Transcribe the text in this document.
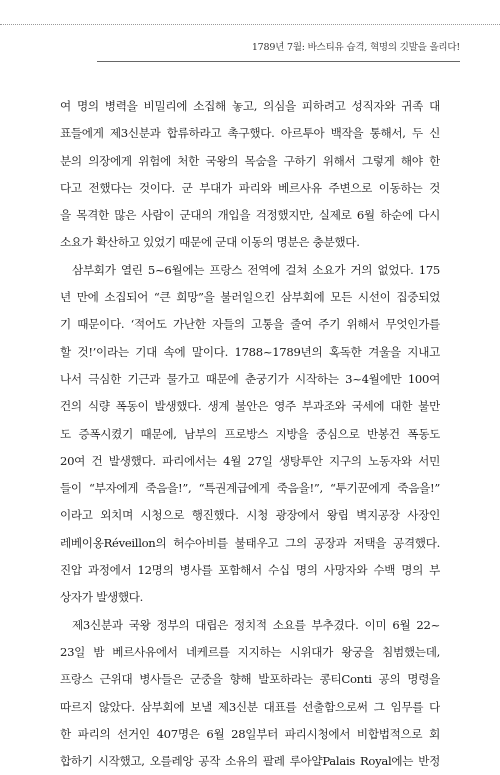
1789년 7월: 바스티유 습격, 혁명의 깃발을 올리다!
여 명의 병력을 비밀리에 소집해 놓고, 의심을 피하려고 성직자와 귀족 대
표들에게 제3신분과 합류하라고 촉구했다. 아르투아 백작을 통해서, 두 신
분의 의장에게 위험에 처한 국왕의 목숨을 구하기 위해서 그렇게 해야 한
다고 전했다는 것이다. 군 부대가 파리와 베르사유 주변으로 이동하는 것
을 목격한 많은 사람이 군대의 개입을 걱정했지만, 실제로 6월 하순에 다시
소요가 확산하고 있었기 때문에 군대 이동의 명분은 충분했다.
삼부회가 열린 5~6월에는 프랑스 전역에 걸쳐 소요가 거의 없었다. 175
년 만에 소집되어 “큰 희망”을 불러일으킨 삼부회에 모든 시선이 집중되었
기 때문이다. ‘적어도 가난한 자들의 고통을 줄여 주기 위해서 무엇인가를
할 것!’이라는 기대 속에 말이다. 1788~1789년의 혹독한 겨울을 지내고
나서 극심한 기근과 물가고 때문에 춘궁기가 시작하는 3~4월에만 100여
건의 식량 폭동이 발생했다. 생계 불안은 영주 부과조와 국세에 대한 불만
도 증폭시켰기 때문에, 남부의 프로방스 지방을 중심으로 반봉건 폭동도
20여 건 발생했다. 파리에서는 4월 27일 생탕투안 지구의 노동자와 서민
들이 “부자에게 죽음을!”, “특권계급에게 죽음을!”, “투기꾼에게 죽음을!”
이라고 외치며 시청으로 행진했다. 시청 광장에서 왕립 벽지공장 사장인
레베이옹Réveillon의 허수아비를 불태우고 그의 공장과 저택을 공격했다.
진압 과정에서 12명의 병사를 포함해서 수십 명의 사망자와 수백 명의 부
상자가 발생했다.
제3신분과 국왕 정부의 대립은 정치적 소요를 부추겼다. 이미 6월 22~
23일 밤 베르사유에서 네케르를 지지하는 시위대가 왕궁을 침범했는데,
프랑스 근위대 병사들은 군중을 향해 발포하라는 콩티Conti 공의 명령을
따르지 않았다. 삼부회에 보낼 제3신분 대표를 선출함으로써 그 임무를 다
한 파리의 선거인 407명은 6월 28일부터 파리시청에서 비합법적으로 회
합하기 시작했고, 오를레앙 공작 소유의 팔레 루아얄Palais Royal에는 반정
